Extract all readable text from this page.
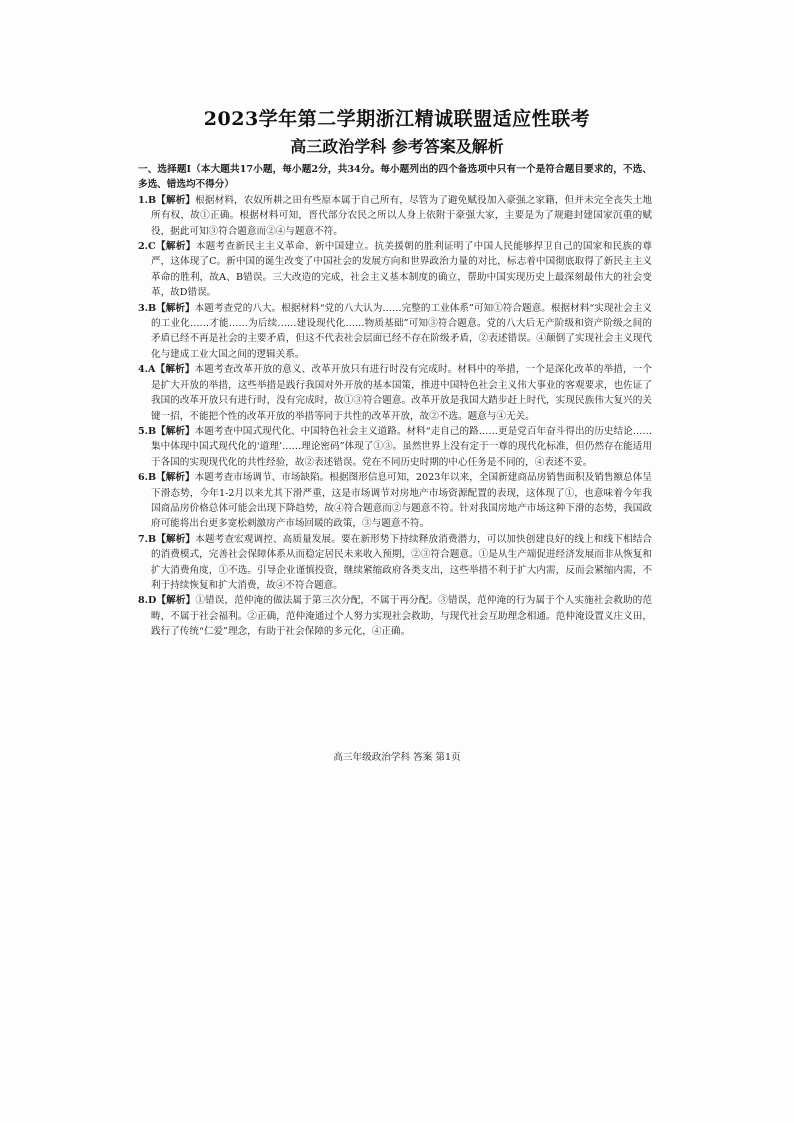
2023学年第二学期浙江精诚联盟适应性联考
高三政治学科 参考答案及解析

一、选择题Ⅰ（本大题共17小题，每小题2分，共34分。每小题列出的四个备选项中只有一个是符合题目要求的，不选、多选、错选均不得分）

1.B【解析】根据材料，农奴所耕之田有些原本属于自己所有，尽管为了避免赋役加入豪强之家籍，但并未完全丧失土地所有权，故①正确。根据材料可知，晋代部分农民之所以人身上依附于豪强大家，主要是为了规避封建国家沉重的赋役，据此可知③符合题意而②④与题意不符。

2.C【解析】本题考查新民主主义革命、新中国建立。抗美援朝的胜利证明了中国人民能够捍卫自己的国家和民族的尊严，这体现了C。新中国的诞生改变了中国社会的发展方向和世界政治力量的对比，标志着中国彻底取得了新民主主义革命的胜利，故A、B错误。三大改造的完成，社会主义基本制度的确立，帮助中国实现历史上最深刻最伟大的社会变革，故D错误。

3.B【解析】本题考查党的八大。根据材料“党的八大认为……完整的工业体系”可知①符合题意。根据材料“实现社会主义的工业化……才能……为后续……建设现代化……物质基础”可知③符合题意。党的八大后无产阶级和资产阶级之间的矛盾已经不再是社会的主要矛盾，但这不代表社会层面已经不存在阶级矛盾，②表述错误。④颠倒了实现社会主义现代化与建成工业大国之间的逻辑关系。

4.A【解析】本题考查改革开放的意义、改革开放只有进行时没有完成时。材料中的举措，一个是深化改革的举措，一个是扩大开放的举措，这些举措是践行我国对外开放的基本国策，推进中国特色社会主义伟大事业的客观要求，也佐证了我国的改革开放只有进行时，没有完成时，故①③符合题意。改革开放是我国大踏步赶上时代，实现民族伟大复兴的关键一招，不能把个性的改革开放的举措等同于共性的改革开放，故②不选。题意与④无关。

5.B【解析】本题考查中国式现代化、中国特色社会主义道路。材料“走自己的路……更是党百年奋斗得出的历史结论……集中体现中国式现代化的‘道理’……理论密码”体现了①③。虽然世界上没有定于一尊的现代化标准，但仍然存在能适用于各国的实现现代化的共性经验，故②表述错误。党在不同历史时期的中心任务是不同的，④表述不妥。

6.B【解析】本题考查市场调节、市场缺陷。根据图形信息可知，2023年以来，全国新建商品房销售面积及销售额总体呈下滑态势，今年1-2月以来尤其下滑严重，这是市场调节对房地产市场资源配置的表现，这体现了①，也意味着今年我国商品房价格总体可能会出现下降趋势，故④符合题意而②与题意不符。针对我国房地产市场这种下滑的态势，我国政府可能将出台更多宽松刺激房产市场回暖的政策，③与题意不符。

7.B【解析】本题考查宏观调控、高质量发展。要在新形势下持续释放消费潜力，可以加快创建良好的线上和线下相结合的消费模式，完善社会保障体系从而稳定居民未来收入预期，②③符合题意。①是从生产端促进经济发展而非从恢复和扩大消费角度，①不选。引导企业谨慎投资，继续紧缩政府各类支出，这些举措不利于扩大内需，反而会紧缩内需，不利于持续恢复和扩大消费，故④不符合题意。

8.D【解析】①错误，范仲淹的做法属于第三次分配，不属于再分配。③错误，范仲淹的行为属于个人实施社会救助的范畴，不属于社会福利。②正确，范仲淹通过个人努力实现社会救助，与现代社会互助理念相通。范仲淹设置义庄义田，践行了传统“仁爱”理念，有助于社会保障的多元化，④正确。

高三年级政治学科 答案 第1页
